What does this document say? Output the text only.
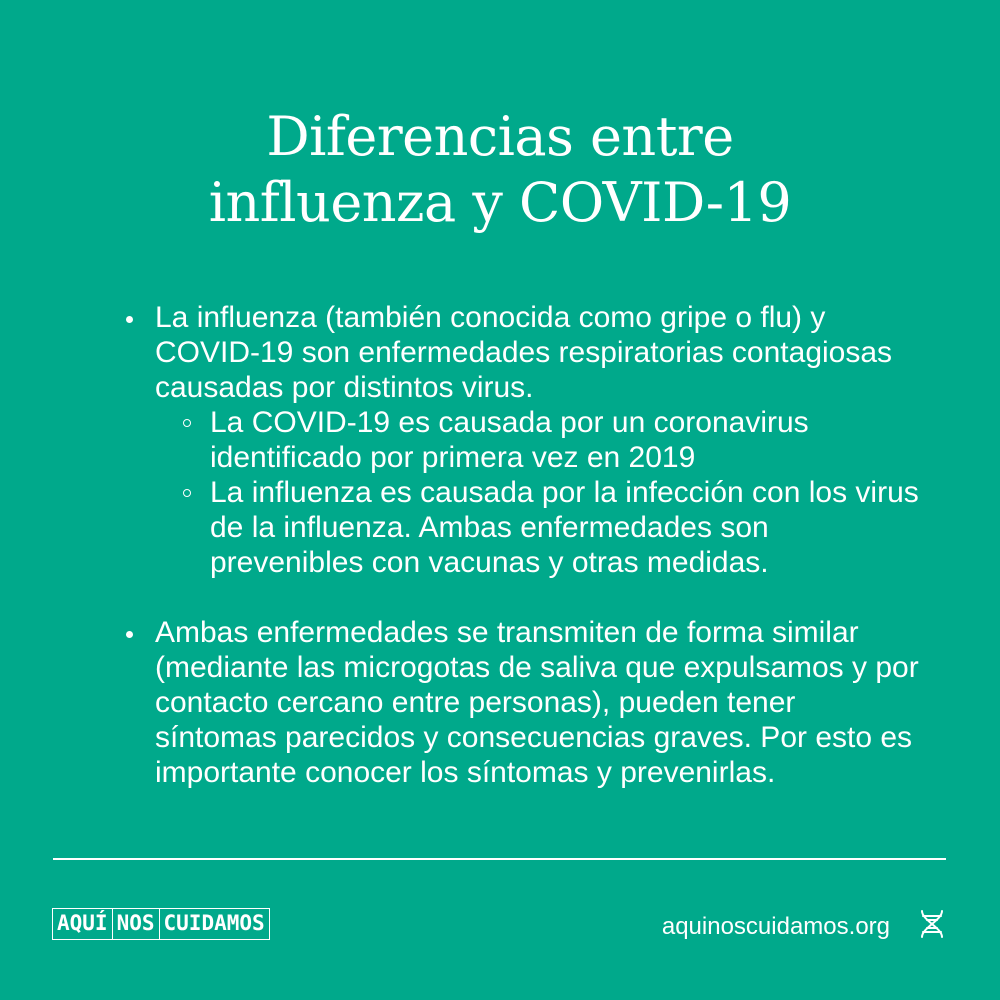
Diferencias entre
influenza y COVID-19
La influenza (también conocida como gripe o flu) y COVID-19 son enfermedades respiratorias contagiosas causadas por distintos virus.
La COVID-19 es causada por un coronavirus identificado por primera vez en 2019
La influenza es causada por la infección con los virus de la influenza. Ambas enfermedades son prevenibles con vacunas y otras medidas.
Ambas enfermedades se transmiten de forma similar (mediante las microgotas de saliva que expulsamos y por contacto cercano entre personas), pueden tener síntomas parecidos y consecuencias graves. Por esto es importante conocer los síntomas y prevenirlas.
AQUÍ NOS CUIDAMOS	aquinoscuidamos.org
